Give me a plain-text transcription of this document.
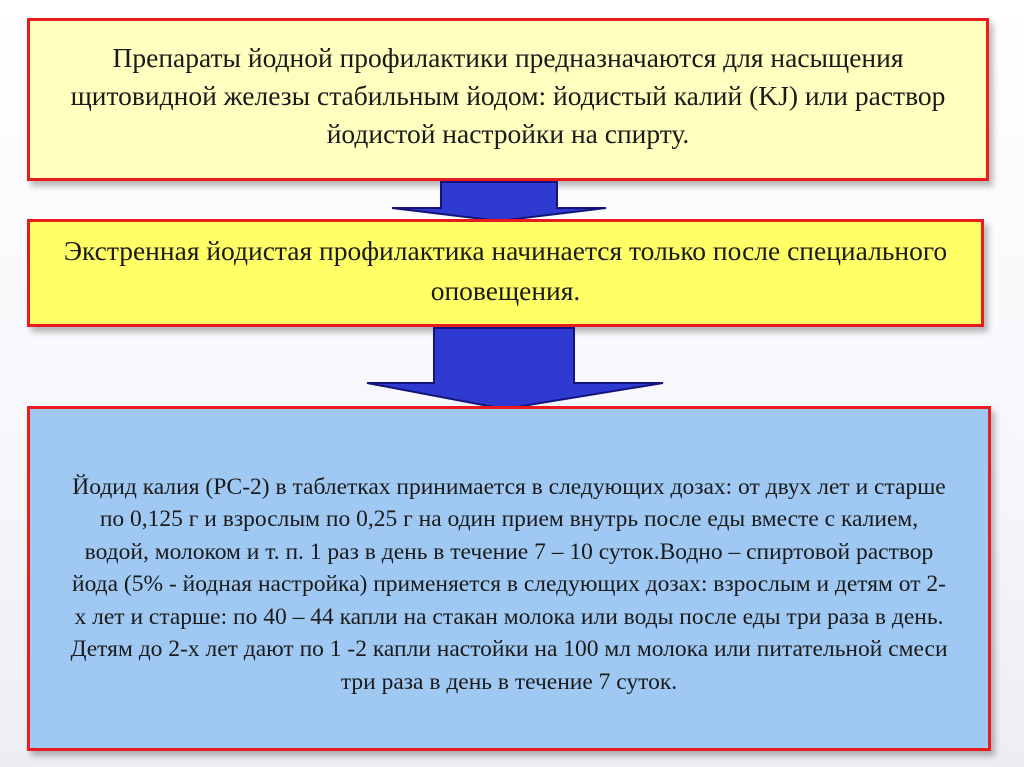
Препараты йодной профилактики предназначаются для насыщения щитовидной железы стабильным йодом: йодистый калий (KJ) или раствор йодистой настройки на спирту.
Экстренная йодистая профилактика начинается только после специального оповещения.
Йодид калия (РС-2) в таблетках принимается в следующих дозах: от двух лет и старше по 0,125 г и взрослым по 0,25 г на один прием внутрь после еды вместе с калием, водой, молоком и т. п. 1 раз в день в течение 7 – 10 суток.Водно – спиртовой раствор йода (5% - йодная настройка) применяется в следующих дозах: взрослым и детям от 2-х лет и старше: по 40 – 44 капли на стакан молока или воды после еды три раза в день. Детям до 2-х лет дают по 1 -2 капли настойки на 100 мл молока или питательной смеси три раза в день в течение 7 суток.
